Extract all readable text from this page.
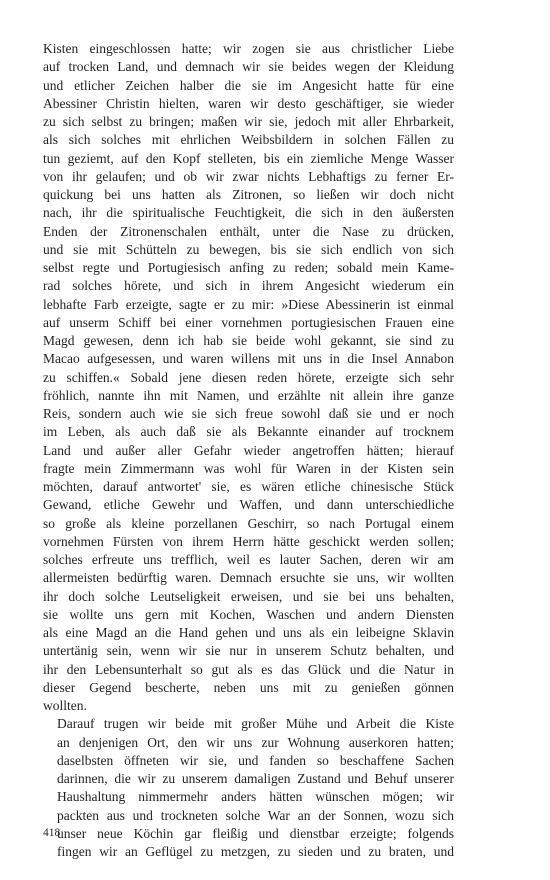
Kisten eingeschlossen hatte; wir zogen sie aus christlicher Liebe
auf trocken Land, und demnach wir sie beides wegen der Kleidung
und etlicher Zeichen halber die sie im Angesicht hatte für eine
Abessiner Christin hielten, waren wir desto geschäftiger, sie wieder
zu sich selbst zu bringen; maßen wir sie, jedoch mit aller Ehrbarkeit,
als sich solches mit ehrlichen Weibsbildern in solchen Fällen zu
tun geziemt, auf den Kopf stelleten, bis ein ziemliche Menge Wasser
von ihr gelaufen; und ob wir zwar nichts Lebhaftigs zu ferner Er-
quickung bei uns hatten als Zitronen, so ließen wir doch nicht
nach, ihr die spiritualische Feuchtigkeit, die sich in den äußersten
Enden der Zitronenschalen enthält, unter die Nase zu drücken,
und sie mit Schütteln zu bewegen, bis sie sich endlich von sich
selbst regte und Portugiesisch anfing zu reden; sobald mein Kame-
rad solches hörete, und sich in ihrem Angesicht wiederum ein
lebhafte Farb erzeigte, sagte er zu mir: »Diese Abessinerin ist einmal
auf unserm Schiff bei einer vornehmen portugiesischen Frauen eine
Magd gewesen, denn ich hab sie beide wohl gekannt, sie sind zu
Macao aufgesessen, und waren willens mit uns in die Insel Annabon
zu schiffen.« Sobald jene diesen reden hörete, erzeigte sich sehr
fröhlich, nannte ihn mit Namen, und erzählte nit allein ihre ganze
Reis, sondern auch wie sie sich freue sowohl daß sie und er noch
im Leben, als auch daß sie als Bekannte einander auf trocknem
Land und außer aller Gefahr wieder angetroffen hätten; hierauf
fragte mein Zimmermann was wohl für Waren in der Kisten sein
möchten, darauf antwortet' sie, es wären etliche chinesische Stück
Gewand, etliche Gewehr und Waffen, und dann unterschiedliche
so große als kleine porzellanen Geschirr, so nach Portugal einem
vornehmen Fürsten von ihrem Herrn hätte geschickt werden sollen;
solches erfreute uns trefflich, weil es lauter Sachen, deren wir am
allermeisten bedürftig waren. Demnach ersuchte sie uns, wir wollten
ihr doch solche Leutseligkeit erweisen, und sie bei uns behalten,
sie wollte uns gern mit Kochen, Waschen und andern Diensten
als eine Magd an die Hand gehen und uns als ein leibeigne Sklavin
untertänig sein, wenn wir sie nur in unserem Schutz behalten, und
ihr den Lebensunterhalt so gut als es das Glück und die Natur in
dieser Gegend bescherte, neben uns mit zu genießen gönnen
wollten.
Darauf trugen wir beide mit großer Mühe und Arbeit die Kiste
an denjenigen Ort, den wir uns zur Wohnung auserkoren hatten;
daselbsten öffneten wir sie, und fanden so beschaffene Sachen
darinnen, die wir zu unserem damaligen Zustand und Behuf unserer
Haushaltung nimmermehr anders hätten wünschen mögen; wir
packten aus und trockneten solche War an der Sonnen, wozu sich
unser neue Köchin gar fleißig und dienstbar erzeigte; folgends
fingen wir an Geflügel zu metzgen, zu sieden und zu braten, und
418
